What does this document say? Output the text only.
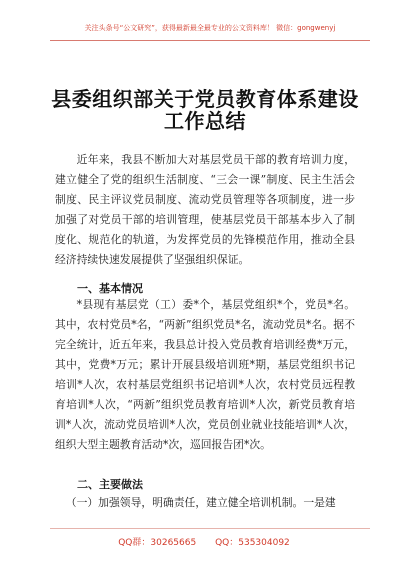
关注头条号“公文研究”，获得最新最全最专业的公文资料库！ 微信：gongwenyj
县委组织部关于党员教育体系建设
工作总结

近年来，我县不断加大对基层党员干部的教育培训力度，建立健全了党的组织生活制度、“三会一课”制度、民主生活会制度、民主评议党员制度、流动党员管理等各项制度，进一步加强了对党员干部的培训管理，使基层党员干部基本步入了制度化、规范化的轨道，为发挥党员的先锋模范作用，推动全县经济持续快速发展提供了坚强组织保证。

一、基本情况

*县现有基层党（工）委*个，基层党组织*个，党员*名。其中，农村党员*名，“两新”组织党员*名，流动党员*名。据不完全统计，近五年来，我县总计投入党员教育培训经费*万元，其中，党费*万元；累计开展县级培训班*期，基层党组织书记培训*人次，农村基层党组织书记培训*人次，农村党员远程教育培训*人次，“两新”组织党员教育培训*人次，新党员教育培训*人次，流动党员培训*人次，党员创业就业技能培训*人次，组织大型主题教育活动*次，巡回报告团*次。

二、主要做法

（一）加强领导，明确责任，建立健全培训机制。一是建

QQ群：30265665 QQ：535304092
